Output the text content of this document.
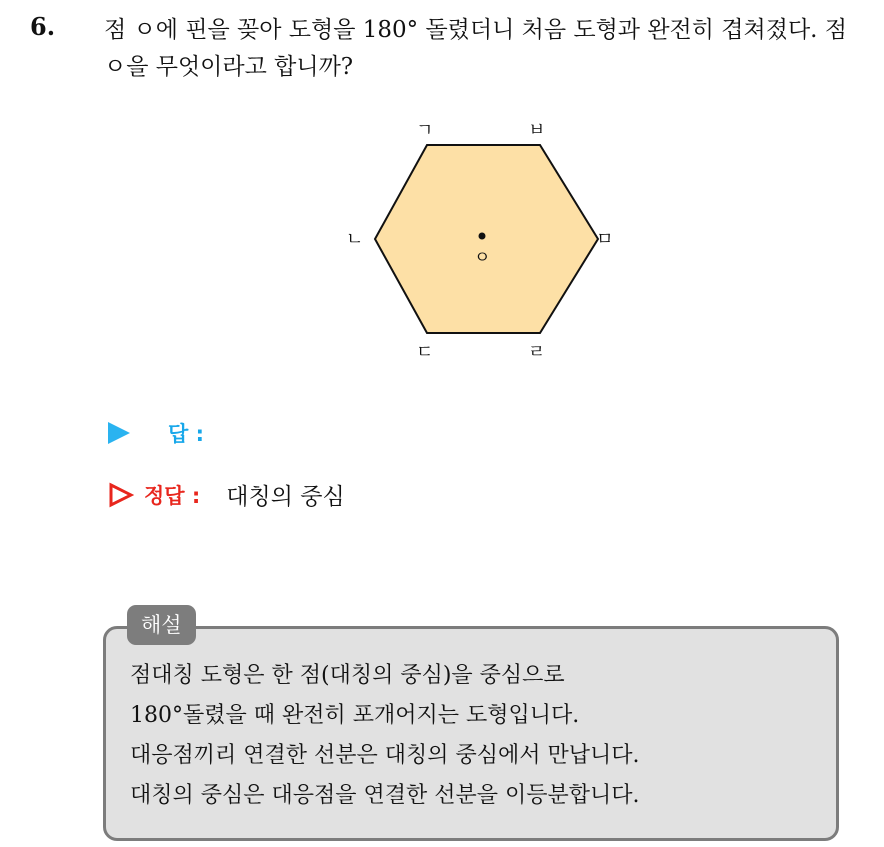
6. 점 ㅇ에 핀을 꽂아 도형을 180° 돌렸더니 처음 도형과 완전히 겹쳐졌다. 점 ㅇ을 무엇이라고 합니까?
ㅇ
ㄱ	ㅂ
ㄴ	ㅁ
ㄷ	ㄹ
답 :
정답 : 대칭의 중심
해설
점대칭 도형은 한 점(대칭의 중심)을 중심으로
180°돌렸을 때 완전히 포개어지는 도형입니다.
대응점끼리 연결한 선분은 대칭의 중심에서 만납니다.
대칭의 중심은 대응점을 연결한 선분을 이등분합니다.
